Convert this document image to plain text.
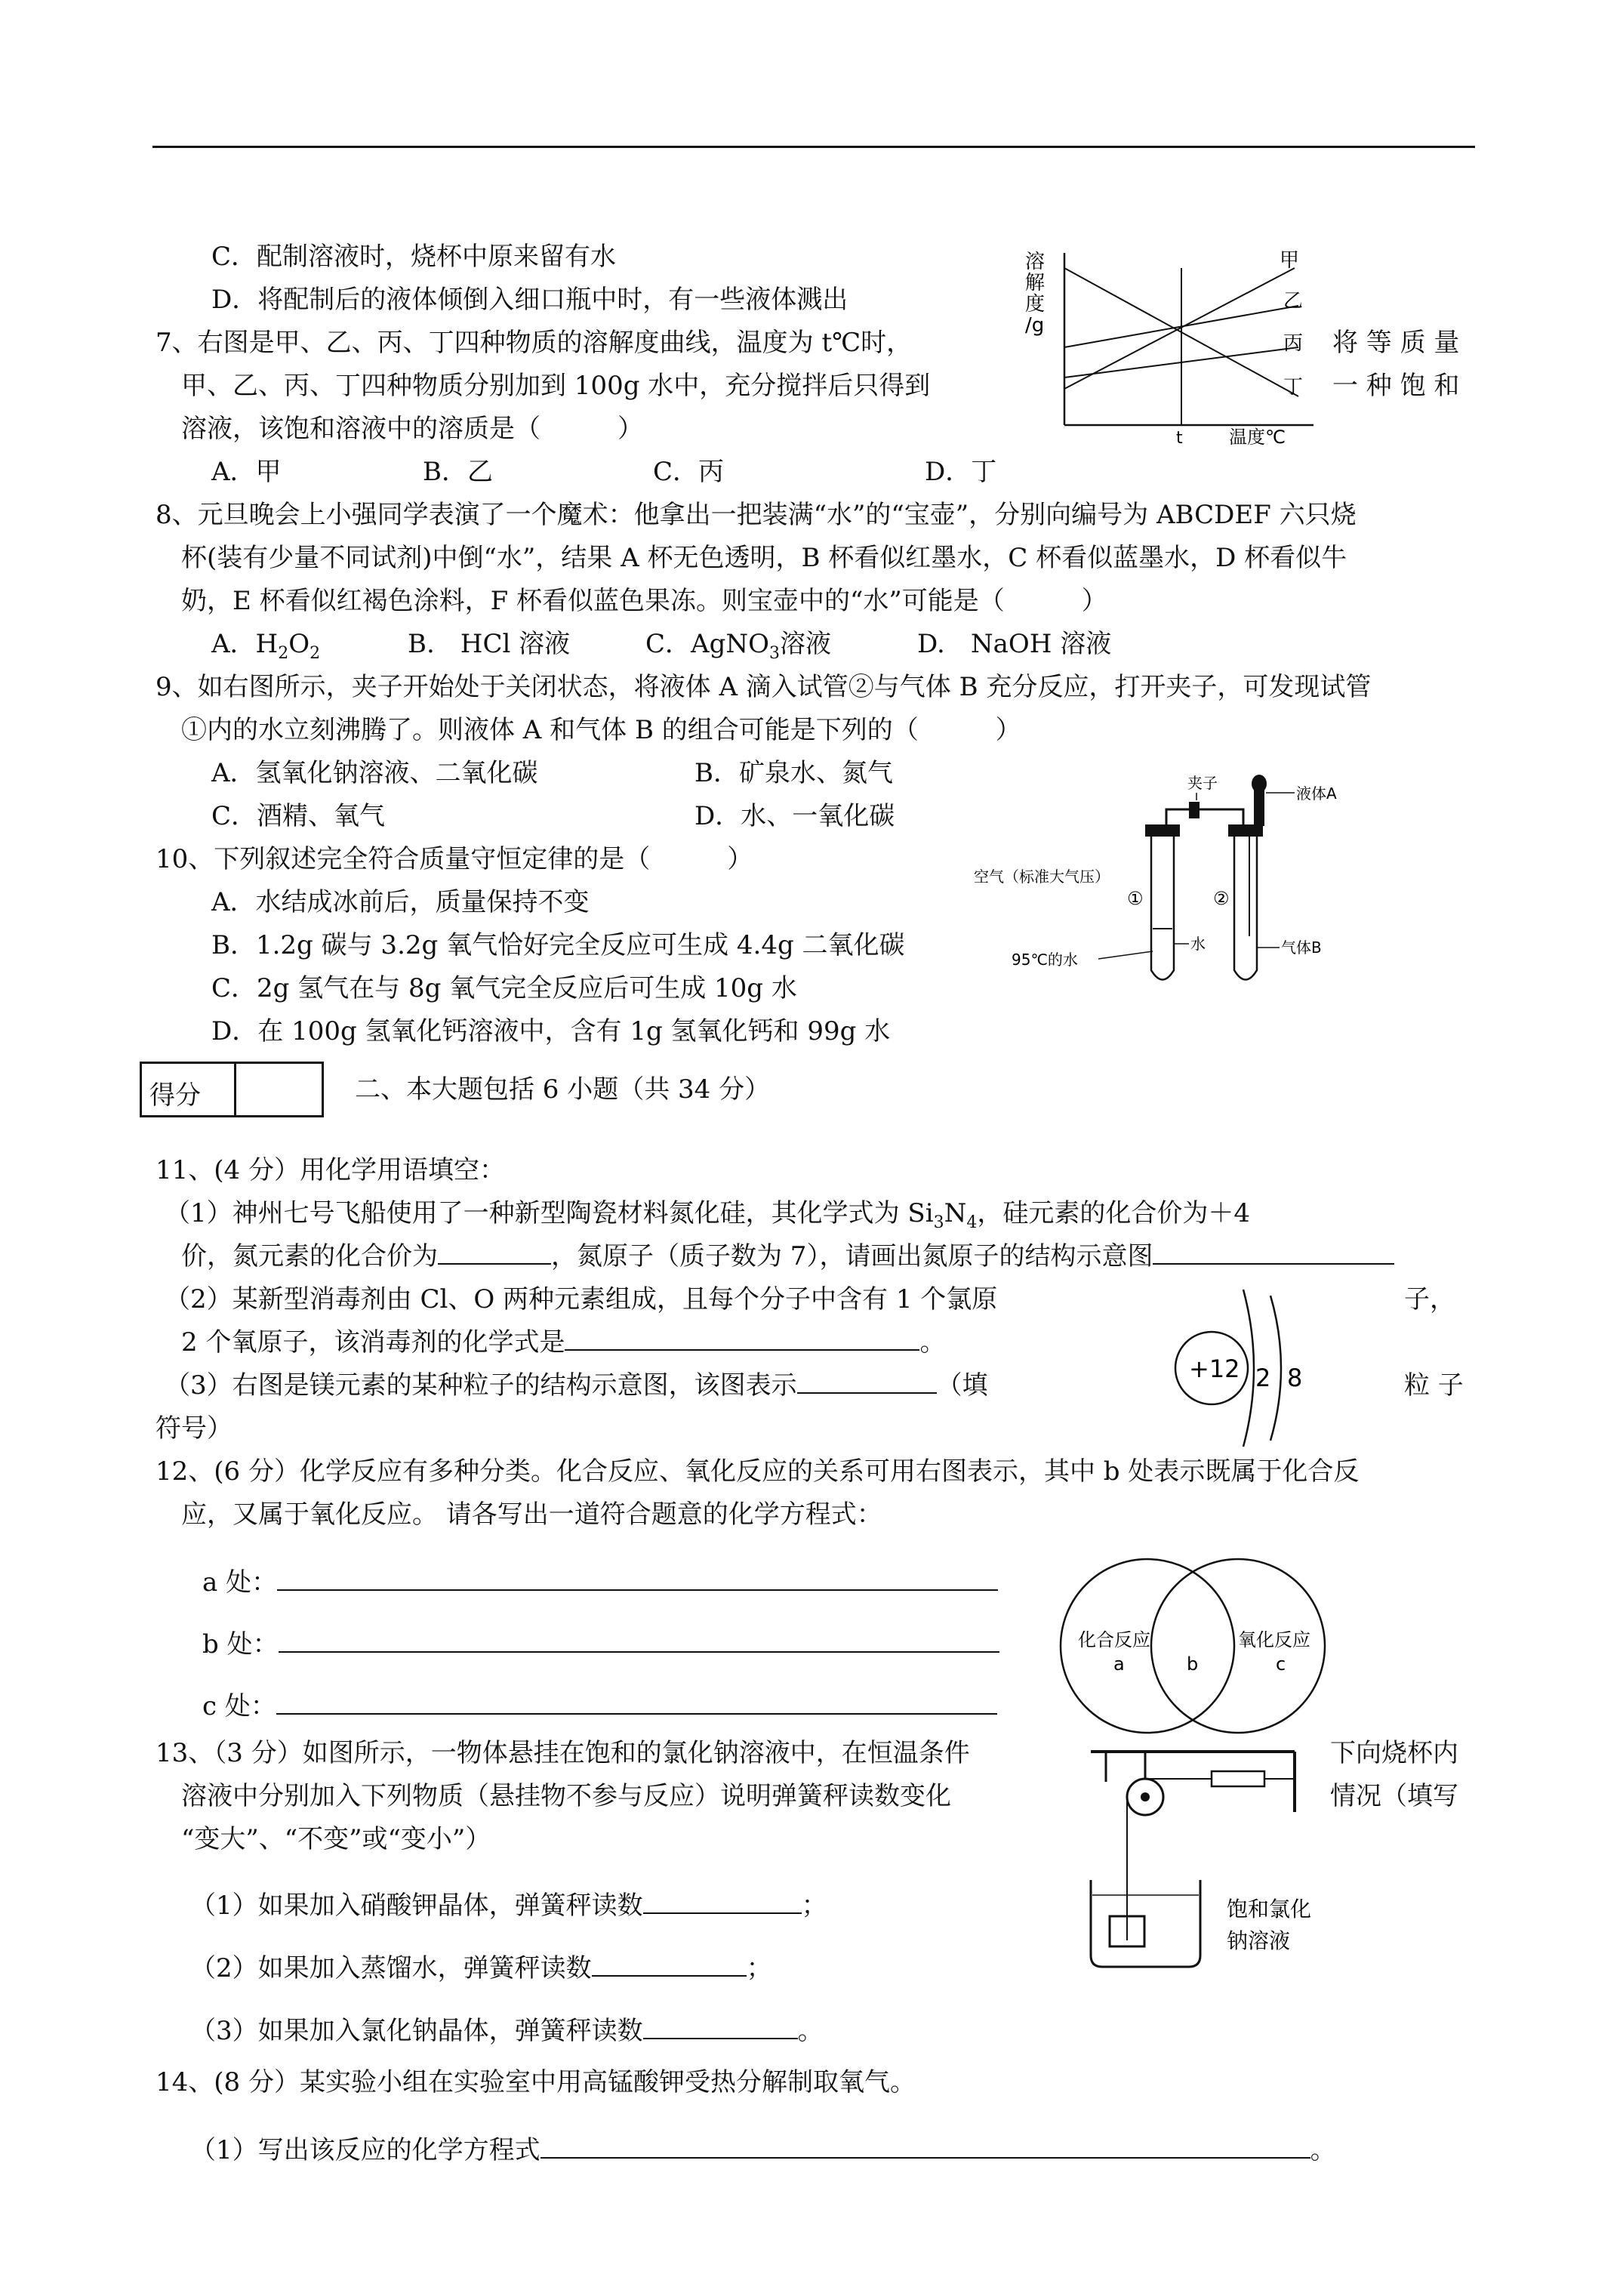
C．配制溶液时，烧杯中原来留有水
D．将配制后的液体倾倒入细口瓶中时，有一些液体溅出
7、右图是甲、乙、丙、丁四种物质的溶解度曲线，温度为 t℃时，	将 等 质 量
甲、乙、丙、丁四种物质分别加到 100g 水中，充分搅拌后只得到	一 种 饱 和
溶液，该饱和溶液中的溶质是（　　　）
A．甲	B．乙	C．丙	D．丁
溶
解
度
/g
t	温度℃
甲
乙
丙
丁
8、元旦晚会上小强同学表演了一个魔术：他拿出一把装满“水”的“宝壶”，分别向编号为 ABCDEF 六只烧
杯(装有少量不同试剂)中倒“水”，结果 A 杯无色透明，B 杯看似红墨水，C 杯看似蓝墨水，D 杯看似牛
奶，E 杯看似红褐色涂料，F 杯看似蓝色果冻。则宝壶中的“水”可能是（　　　）
A．$H_2O_2$	B.　HCl 溶液	C．AgNO$_3$溶液	D.　NaOH 溶液
9、如右图所示，夹子开始处于关闭状态，将液体 A 滴入试管②与气体 B 充分反应，打开夹子，可发现试管
①内的水立刻沸腾了。则液体 A 和气体 B 的组合可能是下列的（　　　）
A．氢氧化钠溶液、二氧化碳	B．矿泉水、氮气
C．酒精、氧气	D．水、一氧化碳
夹子
液体A
空气（标准大气压）
①	②
水	气体B
95℃的水
10、下列叙述完全符合质量守恒定律的是（　　　）
A．水结成冰前后，质量保持不变
B．1.2g 碳与 3.2g 氧气恰好完全反应可生成 4.4g 二氧化碳
C．2g 氢气在与 8g 氧气完全反应后可生成 10g 水
D．在 100g 氢氧化钙溶液中，含有 1g 氢氧化钙和 99g 水
得分	二、本大题包括 6 小题（共 34 分）
11、(4 分）用化学用语填空：
（1）神州七号飞船使用了一种新型陶瓷材料氮化硅，其化学式为 $Si_3N_4$，硅元素的化合价为＋4
价，氮元素的化合价为	，氮原子（质子数为 7），请画出氮原子的结构示意图
（2）某新型消毒剂由 Cl、O 两种元素组成，且每个分子中含有 1 个氯原	子，
2 个氧原子，该消毒剂的化学式是	。
（3）右图是镁元素的某种粒子的结构示意图，该图表示	（填	粒 子
符号）
+12 2 8
12、(6 分）化学反应有多种分类。化合反应、氧化反应的关系可用右图表示，其中 b 处表示既属于化合反
应，又属于氧化反应。 请各写出一道符合题意的化学方程式：
a 处：
b 处：
c 处：
化合反应
a	b
氧化反应
c
13、（3 分）如图所示，一物体悬挂在饱和的氯化钠溶液中，在恒温条件	下向烧杯内
溶液中分别加入下列物质（悬挂物不参与反应）说明弹簧秤读数变化	情况（填写
“变大”、“不变”或“变小”）
（1）如果加入硝酸钾晶体，弹簧秤读数	；
（2）如果加入蒸馏水，弹簧秤读数	；
（3）如果加入氯化钠晶体，弹簧秤读数	。
饱和氯化
钠溶液
14、(8 分）某实验小组在实验室中用高锰酸钾受热分解制取氧气。
（1）写出该反应的化学方程式	。
